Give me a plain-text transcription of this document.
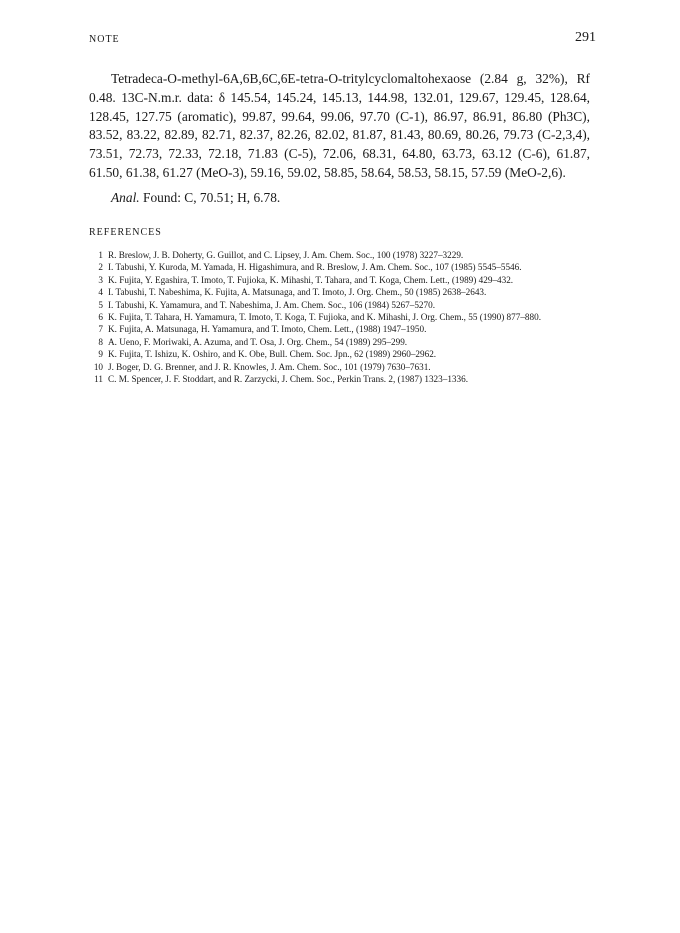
NOTE	291

Tetradeca-O-methyl-6A,6B,6C,6E-tetra-O-tritylcyclomaltohexaose (2.84 g, 32%), Rf 0.48. 13C-N.m.r. data: δ 145.54, 145.24, 145.13, 144.98, 132.01, 129.67, 129.45, 128.64, 128.45, 127.75 (aromatic), 99.87, 99.64, 99.06, 97.70 (C-1), 86.97, 86.91, 86.80 (Ph3C), 83.52, 83.22, 82.89, 82.71, 82.37, 82.26, 82.02, 81.87, 81.43, 80.69, 80.26, 79.73 (C-2,3,4), 73.51, 72.73, 72.33, 72.18, 71.83 (C-5), 72.06, 68.31, 64.80, 63.73, 63.12 (C-6), 61.87, 61.50, 61.38, 61.27 (MeO-3), 59.16, 59.02, 58.85, 58.64, 58.53, 58.15, 57.59 (MeO-2,6).

Anal. Found: C, 70.51; H, 6.78.

REFERENCES
1 R. Breslow, J. B. Doherty, G. Guillot, and C. Lipsey, J. Am. Chem. Soc., 100 (1978) 3227–3229.
2 I. Tabushi, Y. Kuroda, M. Yamada, H. Higashimura, and R. Breslow, J. Am. Chem. Soc., 107 (1985) 5545–5546.
3 K. Fujita, Y. Egashira, T. Imoto, T. Fujioka, K. Mihashi, T. Tahara, and T. Koga, Chem. Lett., (1989) 429–432.
4 I. Tabushi, T. Nabeshima, K. Fujita, A. Matsunaga, and T. Imoto, J. Org. Chem., 50 (1985) 2638–2643.
5 I. Tabushi, K. Yamamura, and T. Nabeshima, J. Am. Chem. Soc., 106 (1984) 5267–5270.
6 K. Fujita, T. Tahara, H. Yamamura, T. Imoto, T. Koga, T. Fujioka, and K. Mihashi, J. Org. Chem., 55 (1990) 877–880.
7 K. Fujita, A. Matsunaga, H. Yamamura, and T. Imoto, Chem. Lett., (1988) 1947–1950.
8 A. Ueno, F. Moriwaki, A. Azuma, and T. Osa, J. Org. Chem., 54 (1989) 295–299.
9 K. Fujita, T. Ishizu, K. Oshiro, and K. Obe, Bull. Chem. Soc. Jpn., 62 (1989) 2960–2962.
10 J. Boger, D. G. Brenner, and J. R. Knowles, J. Am. Chem. Soc., 101 (1979) 7630–7631.
11 C. M. Spencer, J. F. Stoddart, and R. Zarzycki, J. Chem. Soc., Perkin Trans. 2, (1987) 1323–1336.
